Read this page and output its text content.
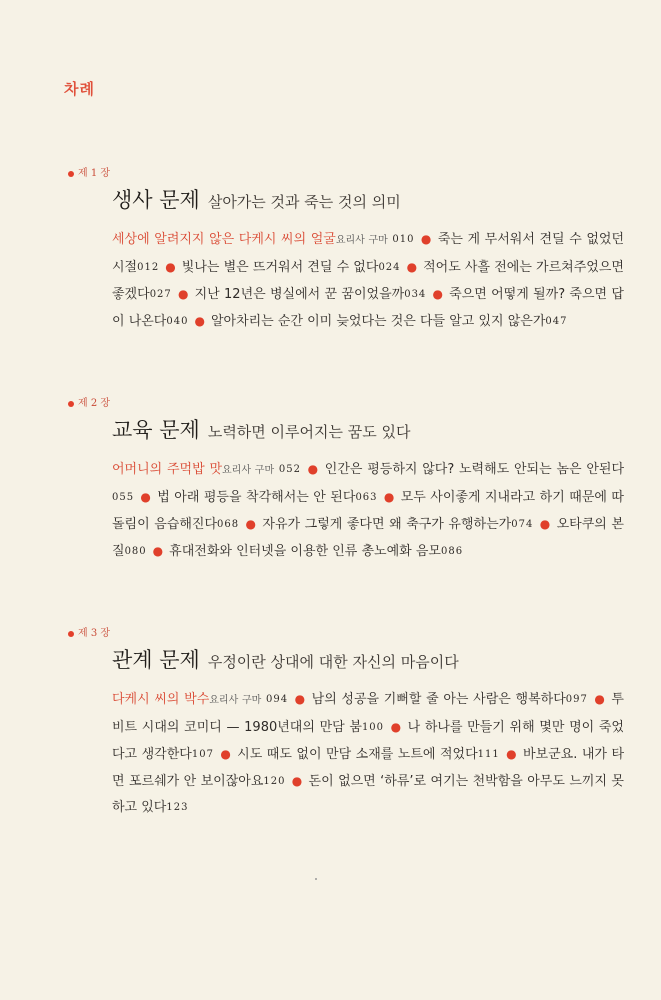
차례
제 1 장
생사 문제 살아가는 것과 죽는 것의 의미
세상에 알려지지 않은 다케시 씨의 얼굴요리사 구마 010 ● 죽는 게 무서워서 견딜 수 없었던 시절012 ● 빛나는 별은 뜨거워서 견딜 수 없다024 ● 적어도 사흘 전에는 가르쳐주었으면 좋겠다027 ● 지난 12년은 병실에서 꾼 꿈이었을까034 ● 죽으면 어떻게 될까? 죽으면 답이 나온다040 ● 알아차리는 순간 이미 늦었다는 것은 다들 알고 있지 않은가047
제 2 장
교육 문제 노력하면 이루어지는 꿈도 있다
어머니의 주먹밥 맛요리사 구마 052 ● 인간은 평등하지 않다? 노력해도 안되는 놈은 안된다055 ● 법 아래 평등을 착각해서는 안 된다063 ● 모두 사이좋게 지내라고 하기 때문에 따돌림이 음습해진다068 ● 자유가 그렇게 좋다면 왜 축구가 유행하는가074 ● 오타쿠의 본질080 ● 휴대전화와 인터넷을 이용한 인류 총노예화 음모086
제 3 장
관계 문제 우정이란 상대에 대한 자신의 마음이다
다케시 씨의 박수요리사 구마 094 ● 남의 성공을 기뻐할 줄 아는 사람은 행복하다097 ● 투 비트 시대의 코미디 — 1980년대의 만담 붐100 ● 나 하나를 만들기 위해 몇만 명이 죽었다고 생각한다107 ● 시도 때도 없이 만담 소재를 노트에 적었다111 ● 바보군요. 내가 타면 포르쉐가 안 보이잖아요120 ● 돈이 없으면 ‘하류’로 여기는 천박함을 아무도 느끼지 못하고 있다123
